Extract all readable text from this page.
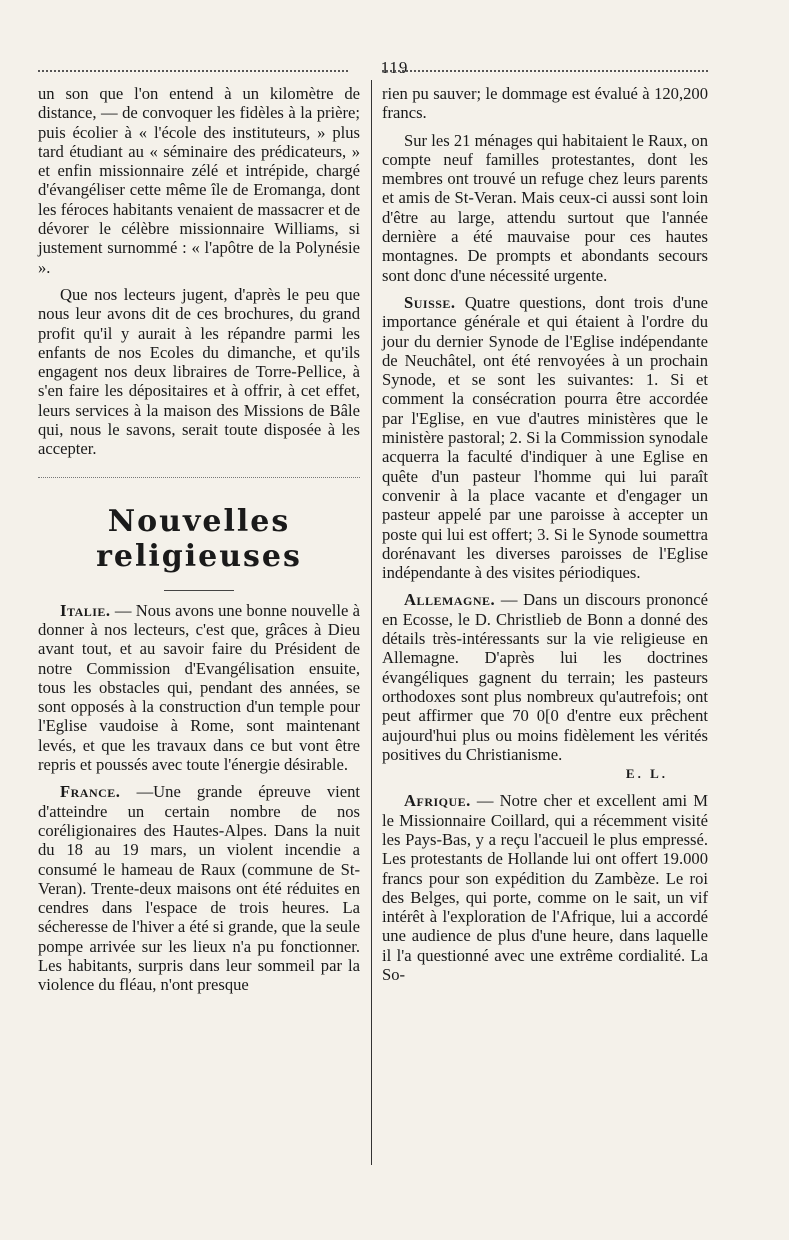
119

un son que l'on entend à un kilomètre de distance, — de convoquer les fidèles à la prière; puis écolier à « l'école des instituteurs, » plus tard étudiant au « séminaire des prédicateurs, » et enfin missionnaire zélé et intrépide, chargé d'évangéliser cette même île de Eromanga, dont les féroces habitants venaient de massacrer et de dévorer le célèbre missionnaire Williams, si justement surnommé : « l'apôtre de la Polynésie ».

Que nos lecteurs jugent, d'après le peu que nous leur avons dit de ces brochures, du grand profit qu'il y aurait à les répandre parmi les enfants de nos Ecoles du dimanche, et qu'ils engagent nos deux libraires de Torre-Pellice, à s'en faire les dépositaires et à offrir, à cet effet, leurs services à la maison des Missions de Bâle qui, nous le savons, serait toute disposée à les accepter.

Nouvelles religieuses

Italie. — Nous avons une bonne nouvelle à donner à nos lecteurs, c'est que, grâces à Dieu avant tout, et au savoir faire du Président de notre Commission d'Evangélisation ensuite, tous les obstacles qui, pendant des années, se sont opposés à la construction d'un temple pour l'Eglise vaudoise à Rome, sont maintenant levés, et que les travaux dans ce but vont être repris et poussés avec toute l'énergie désirable.

France. —Une grande épreuve vient d'atteindre un certain nombre de nos coréligionaires des Hautes-Alpes. Dans la nuit du 18 au 19 mars, un violent incendie a consumé le hameau de Raux (commune de St-Veran). Trente-deux maisons ont été réduites en cendres dans l'espace de trois heures. La sécheresse de l'hiver a été si grande, que la seule pompe arrivée sur les lieux n'a pu fonctionner. Les habitants, surpris dans leur sommeil par la violence du fléau, n'ont presque

rien pu sauver; le dommage est évalué à 120,200 francs.

Sur les 21 ménages qui habitaient le Raux, on compte neuf familles protestantes, dont les membres ont trouvé un refuge chez leurs parents et amis de St-Veran. Mais ceux-ci aussi sont loin d'être au large, attendu surtout que l'année dernière a été mauvaise pour ces hautes montagnes. De prompts et abondants secours sont donc d'une nécessité urgente.

Suisse. Quatre questions, dont trois d'une importance générale et qui étaient à l'ordre du jour du dernier Synode de l'Eglise indépendante de Neuchâtel, ont été renvoyées à un prochain Synode, et se sont les suivantes: 1. Si et comment la consécration pourra être accordée par l'Eglise, en vue d'autres ministères que le ministère pastoral; 2. Si la Commission synodale acquerra la faculté d'indiquer à une Eglise en quête d'un pasteur l'homme qui lui paraît convenir à la place vacante et d'engager un pasteur appelé par une paroisse à accepter un poste qui lui est offert; 3. Si le Synode soumettra dorénavant les diverses paroisses de l'Eglise indépendante à des visites périodiques.

Allemagne. — Dans un discours prononcé en Ecosse, le D. Christlieb de Bonn a donné des détails très-intéressants sur la vie religieuse en Allemagne. D'après lui les doctrines évangéliques gagnent du terrain; les pasteurs orthodoxes sont plus nombreux qu'autrefois; ont peut affirmer que 70 0[0 d'entre eux prêchent aujourd'hui plus ou moins fidèlement les vérités positives du Christianisme.

E. L.

Afrique. — Notre cher et excellent ami M le Missionnaire Coillard, qui a récemment visité les Pays-Bas, y a reçu l'accueil le plus empressé. Les protestants de Hollande lui ont offert 19.000 francs pour son expédition du Zambèze. Le roi des Belges, qui porte, comme on le sait, un vif intérêt à l'exploration de l'Afrique, lui a accordé une audience de plus d'une heure, dans laquelle il l'a questionné avec une extrême cordialité. La So-
